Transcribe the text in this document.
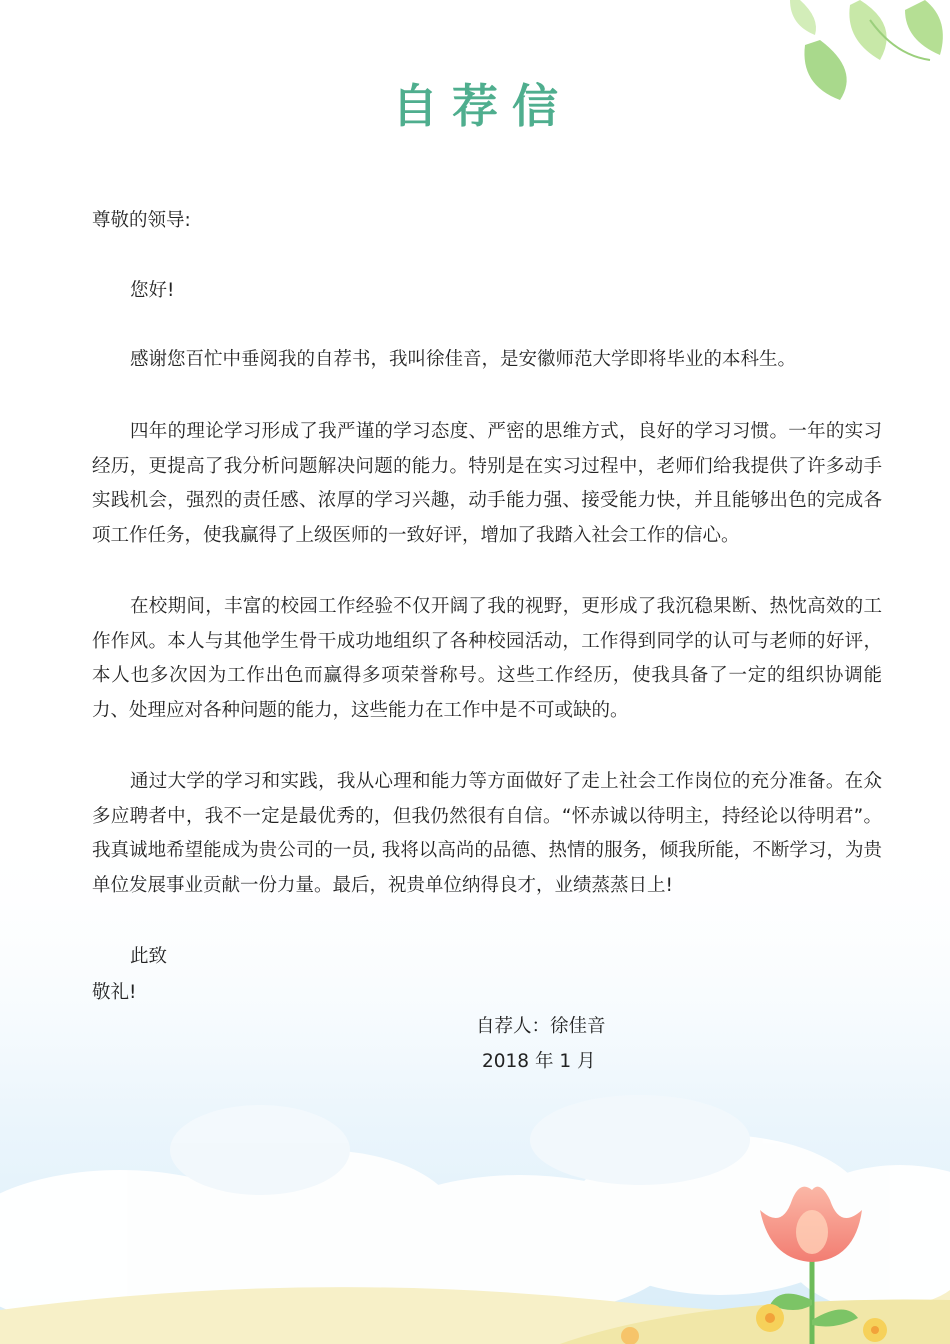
自荐信

尊敬的领导:

您好!

感谢您百忙中垂阅我的自荐书，我叫徐佳音，是安徽师范大学即将毕业的本科生。

四年的理论学习形成了我严谨的学习态度、严密的思维方式，良好的学习习惯。一年的实习经历，更提高了我分析问题解决问题的能力。特别是在实习过程中，老师们给我提供了许多动手实践机会，强烈的责任感、浓厚的学习兴趣，动手能力强、接受能力快，并且能够出色的完成各项工作任务，使我赢得了上级医师的一致好评，增加了我踏入社会工作的信心。

在校期间，丰富的校园工作经验不仅开阔了我的视野，更形成了我沉稳果断、热忱高效的工作作风。本人与其他学生骨干成功地组织了各种校园活动，工作得到同学的认可与老师的好评，本人也多次因为工作出色而赢得多项荣誉称号。这些工作经历，使我具备了一定的组织协调能力、处理应对各种问题的能力，这些能力在工作中是不可或缺的。

通过大学的学习和实践，我从心理和能力等方面做好了走上社会工作岗位的充分准备。在众多应聘者中，我不一定是最优秀的，但我仍然很有自信。“怀赤诚以待明主，持经论以待明君”。我真诚地希望能成为贵公司的一员, 我将以高尚的品德、热情的服务，倾我所能，不断学习，为贵单位发展事业贡献一份力量。最后，祝贵单位纳得良才，业绩蒸蒸日上!

此致

敬礼!

自荐人：徐佳音
2018 年 1 月
